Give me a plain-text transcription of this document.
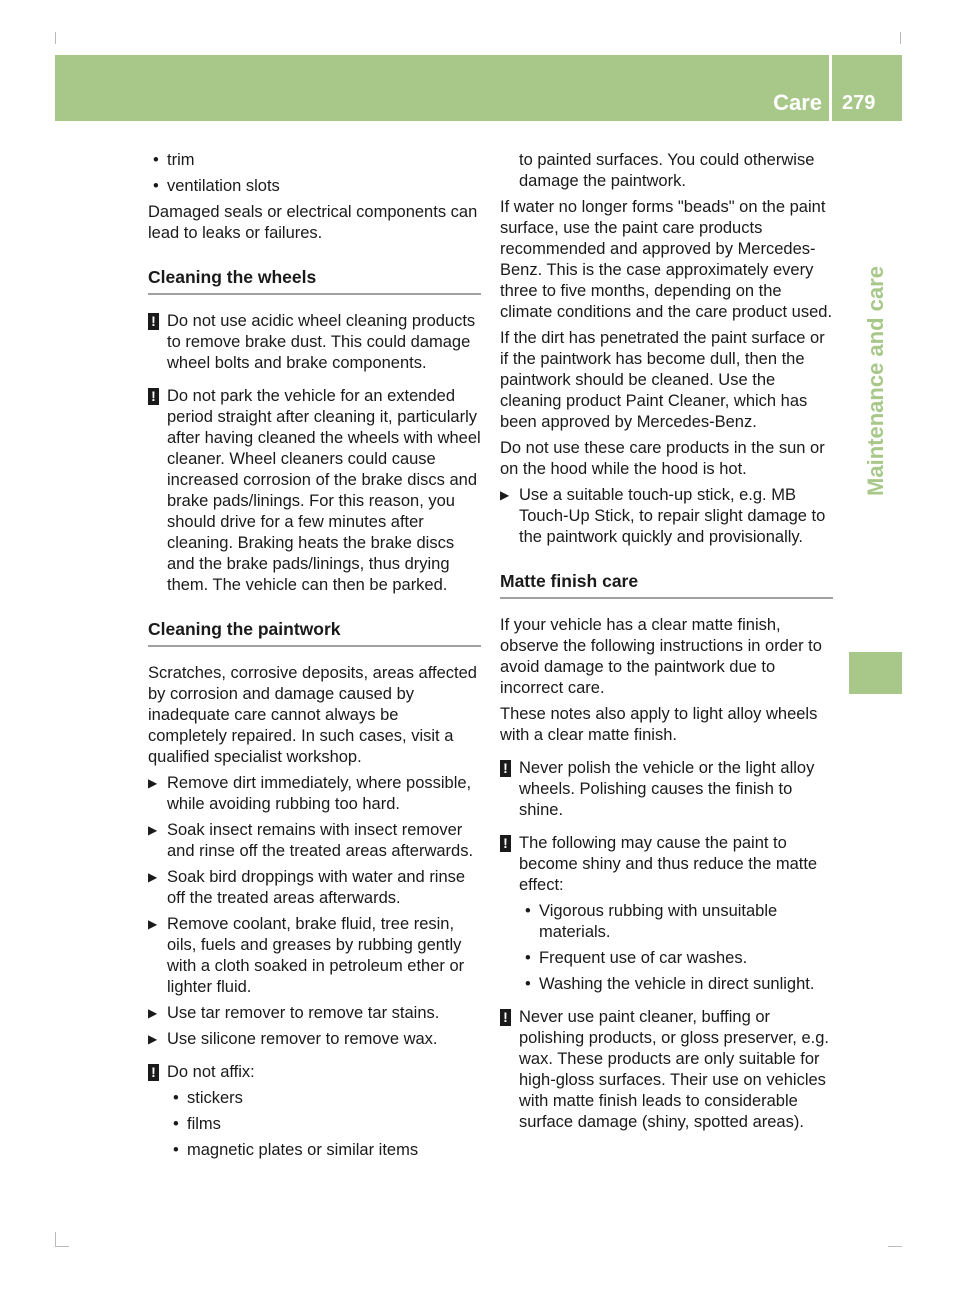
Care 279
Maintenance and care
• trim
• ventilation slots

Damaged seals or electrical components can lead to leaks or failures.

Cleaning the wheels
! Do not use acidic wheel cleaning products to remove brake dust. This could damage wheel bolts and brake components.
! Do not park the vehicle for an extended period straight after cleaning it, particularly after having cleaned the wheels with wheel cleaner. Wheel cleaners could cause increased corrosion of the brake discs and brake pads/linings. For this reason, you should drive for a few minutes after cleaning. Braking heats the brake discs and the brake pads/linings, thus drying them. The vehicle can then be parked.
Cleaning the paintwork

Scratches, corrosive deposits, areas affected by corrosion and damage caused by inadequate care cannot always be completely repaired. In such cases, visit a qualified specialist workshop.

▶ Remove dirt immediately, where possible, while avoiding rubbing too hard.
▶ Soak insect remains with insect remover and rinse off the treated areas afterwards.
▶ Soak bird droppings with water and rinse off the treated areas afterwards.
▶ Remove coolant, brake fluid, tree resin, oils, fuels and greases by rubbing gently with a cloth soaked in petroleum ether or lighter fluid.
▶ Use tar remover to remove tar stains.
▶ Use silicone remover to remove wax.
! Do not affix:
• stickers
• films
• magnetic plates or similar items

to painted surfaces. You could otherwise damage the paintwork.

If water no longer forms "beads" on the paint surface, use the paint care products recommended and approved by Mercedes-Benz. This is the case approximately every three to five months, depending on the climate conditions and the care product used.

If the dirt has penetrated the paint surface or if the paintwork has become dull, then the paintwork should be cleaned. Use the cleaning product Paint Cleaner, which has been approved by Mercedes-Benz.

Do not use these care products in the sun or on the hood while the hood is hot.

▶ Use a suitable touch-up stick, e.g. MB Touch-Up Stick, to repair slight damage to the paintwork quickly and provisionally.
Matte finish care

If your vehicle has a clear matte finish, observe the following instructions in order to avoid damage to the paintwork due to incorrect care.

These notes also apply to light alloy wheels with a clear matte finish.

! Never polish the vehicle or the light alloy wheels. Polishing causes the finish to shine.
! The following may cause the paint to become shiny and thus reduce the matte effect:
• Vigorous rubbing with unsuitable materials.
• Frequent use of car washes.
• Washing the vehicle in direct sunlight.
! Never use paint cleaner, buffing or polishing products, or gloss preserver, e.g. wax. These products are only suitable for high-gloss surfaces. Their use on vehicles with matte finish leads to considerable surface damage (shiny, spotted areas).
